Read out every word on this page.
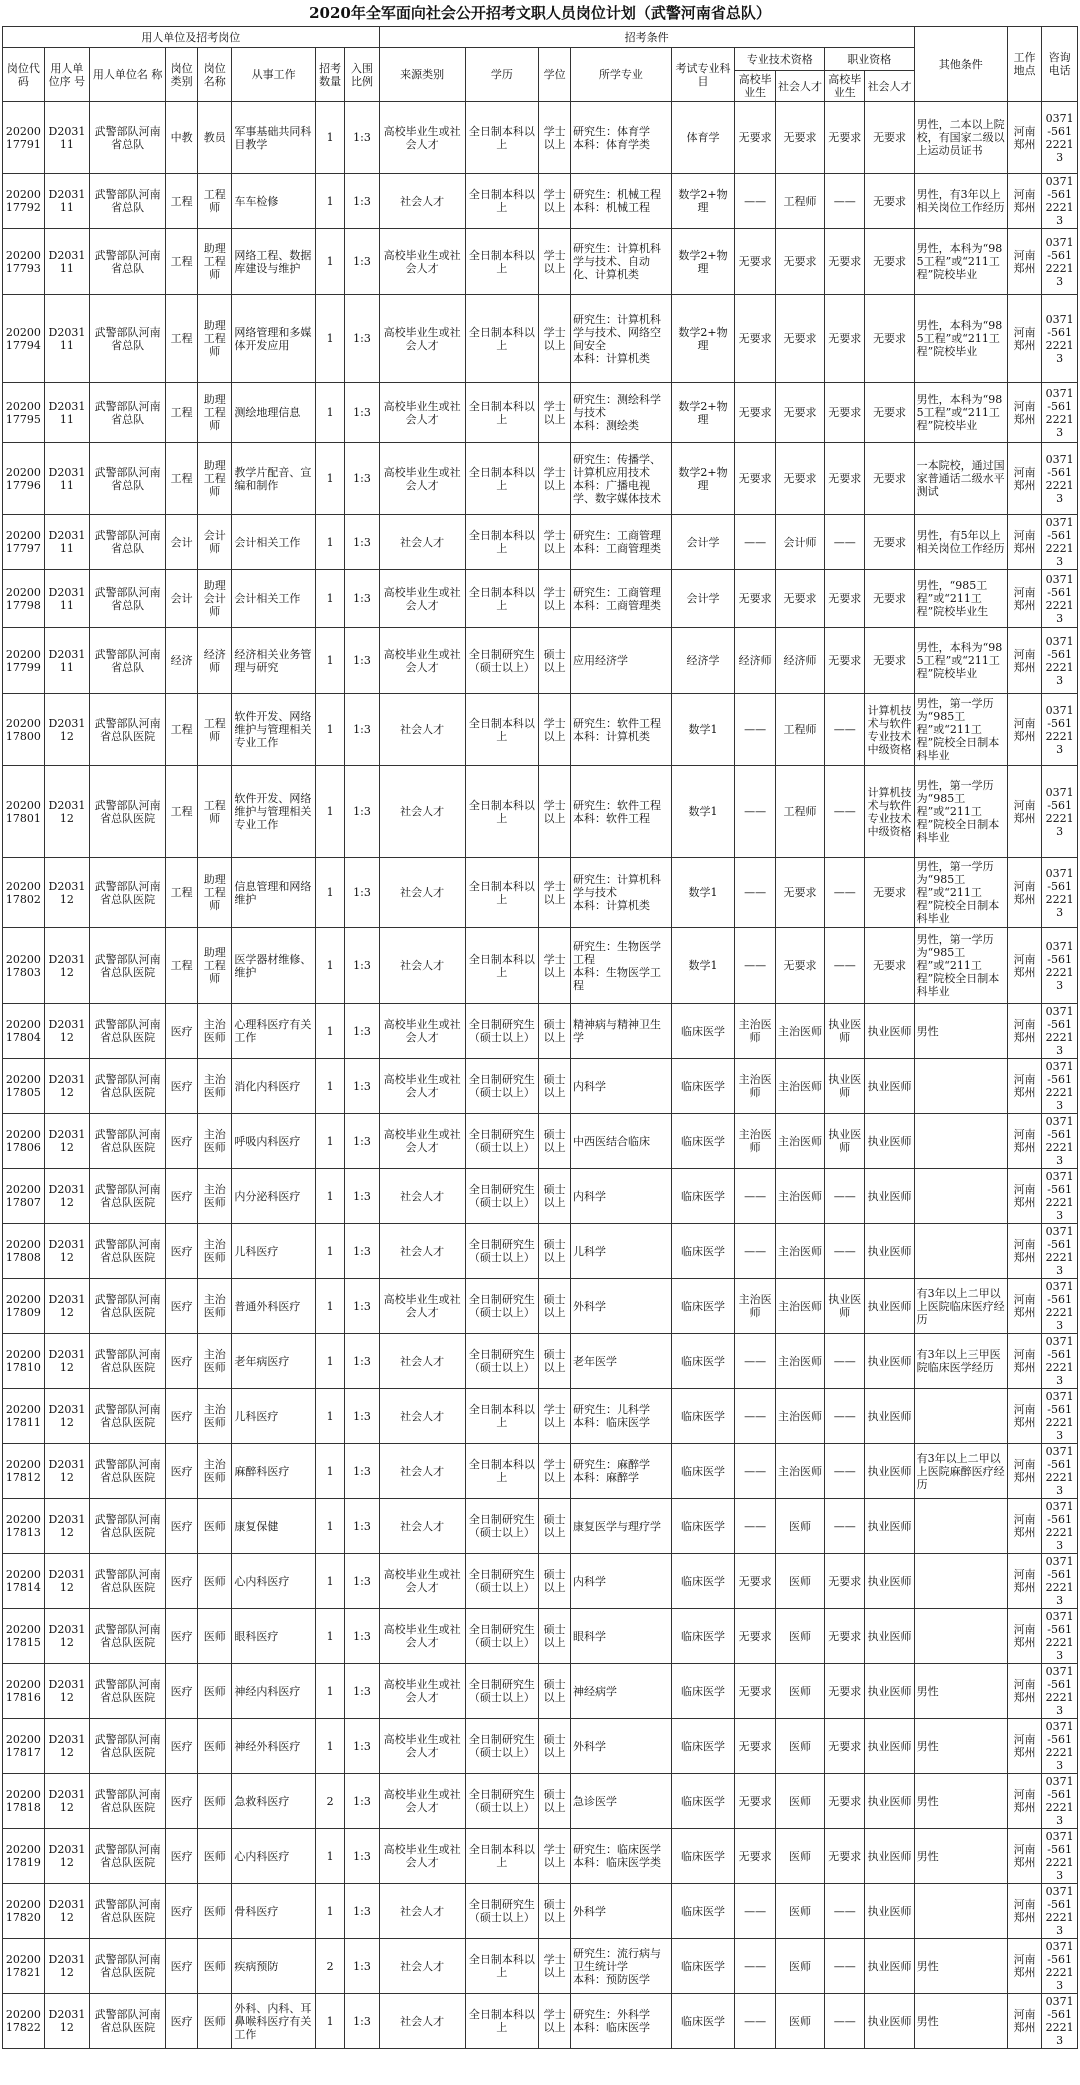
2020年全军面向社会公开招考文职人员岗位计划（武警河南省总队）
用人单位及招考岗位								招考条件									其他条件	工作地点	咨询电话
岗位代码	用人单位序 号	用人单位名 称	岗位类别	岗位名称	从事工作	招考数量	入围比例	来源类别	学历	学位	所学专业	考试专业科目	专业技术资格		职业资格				
													高校毕业生	社会人才	高校毕业生	社会人才			
2020017791	D203111	武警部队河南省总队	中教	教员	军事基础共同科目教学	1	1:3	高校毕业生或社会人才	全日制本科以上	学士以上	研究生：体育学
本科：体育学类	体育学	无要求	无要求	无要求	无要求	男性，二本以上院校，有国家二级以上运动员证书	河南郑州	0371-56122213
2020017792	D203111	武警部队河南省总队	工程	工程师	车车检修	1	1:3	社会人才	全日制本科以上	学士以上	研究生：机械工程
本科：机械工程	数学2+物理	——	工程师	——	无要求	男性，有3年以上相关岗位工作经历	河南郑州	0371-56122213
2020017793	D203111	武警部队河南省总队	工程	助理工程师	网络工程、数据库建设与维护	1	1:3	高校毕业生或社会人才	全日制本科以上	学士以上	研究生：计算机科学与技术、自动化、计算机类	数学2+物理	无要求	无要求	无要求	无要求	男性，本科为“985工程”或“211工程”院校毕业	河南郑州	0371-56122213
2020017794	D203111	武警部队河南省总队	工程	助理工程师	网络管理和多媒体开发应用	1	1:3	高校毕业生或社会人才	全日制本科以上	学士以上	研究生：计算机科学与技术、网络空间安全
本科：计算机类	数学2+物理	无要求	无要求	无要求	无要求	男性，本科为“985工程”或“211工程”院校毕业	河南郑州	0371-56122213
2020017795	D203111	武警部队河南省总队	工程	助理工程师	测绘地理信息	1	1:3	高校毕业生或社会人才	全日制本科以上	学士以上	研究生：测绘科学与技术
本科：测绘类	数学2+物理	无要求	无要求	无要求	无要求	男性，本科为“985工程”或“211工程”院校毕业	河南郑州	0371-56122213
2020017796	D203111	武警部队河南省总队	工程	助理工程师	教学片配音、宣编和制作	1	1:3	高校毕业生或社会人才	全日制本科以上	学士以上	研究生：传播学、计算机应用技术
本科：广播电视学、数字媒体技术	数学2+物理	无要求	无要求	无要求	无要求	一本院校，通过国家普通话二级水平测试	河南郑州	0371-56122213
2020017797	D203111	武警部队河南省总队	会计	会计师	会计相关工作	1	1:3	社会人才	全日制本科以上	学士以上	研究生：工商管理
本科：工商管理类	会计学	——	会计师	——	无要求	男性，有5年以上相关岗位工作经历	河南郑州	0371-56122213
2020017798	D203111	武警部队河南省总队	会计	助理会计师	会计相关工作	1	1:3	高校毕业生或社会人才	全日制本科以上	学士以上	研究生：工商管理
本科：工商管理类	会计学	无要求	无要求	无要求	无要求	男性，“985工程”或“211工程”院校毕业生	河南郑州	0371-56122213
2020017799	D203111	武警部队河南省总队	经济	经济师	经济相关业务管理与研究	1	1:3	高校毕业生或社会人才	全日制研究生（硕士以上）	硕士以上	应用经济学	经济学	经济师	经济师	无要求	无要求	男性，本科为“985工程”或“211工程”院校毕业	河南郑州	0371-56122213
2020017800	D203112	武警部队河南省总队医院	工程	工程师	软件开发、网络维护与管理相关专业工作	1	1:3	社会人才	全日制本科以上	学士以上	研究生：软件工程
本科：计算机类	数学1	——	工程师	——	计算机技术与软件专业技术中级资格	男性，第一学历为“985工程”或“211工程”院校全日制本科毕业	河南郑州	0371-56122213
2020017801	D203112	武警部队河南省总队医院	工程	工程师	软件开发、网络维护与管理相关专业工作	1	1:3	社会人才	全日制本科以上	学士以上	研究生：软件工程
本科：软件工程	数学1	——	工程师	——	计算机技术与软件专业技术中级资格	男性，第一学历为“985工程”或“211工程”院校全日制本科毕业	河南郑州	0371-56122213
2020017802	D203112	武警部队河南省总队医院	工程	助理工程师	信息管理和网络维护	1	1:3	社会人才	全日制本科以上	学士以上	研究生：计算机科学与技术
本科：计算机类	数学1	——	无要求	——	无要求	男性，第一学历为“985工程”或“211工程”院校全日制本科毕业	河南郑州	0371-56122213
2020017803	D203112	武警部队河南省总队医院	工程	助理工程师	医学器材维修、维护	1	1:3	社会人才	全日制本科以上	学士以上	研究生：生物医学工程
本科：生物医学工程	数学1	——	无要求	——	无要求	男性，第一学历为“985工程”或“211工程”院校全日制本科毕业	河南郑州	0371-56122213
2020017804	D203112	武警部队河南省总队医院	医疗	主治医师	心理科医疗有关工作	1	1:3	高校毕业生或社会人才	全日制研究生（硕士以上）	硕士以上	精神病与精神卫生学	临床医学	主治医师	主治医师	执业医师	执业医师	男性	河南郑州	0371-56122213
2020017805	D203112	武警部队河南省总队医院	医疗	主治医师	消化内科医疗	1	1:3	高校毕业生或社会人才	全日制研究生（硕士以上）	硕士以上	内科学	临床医学	主治医师	主治医师	执业医师	执业医师		河南郑州	0371-56122213
2020017806	D203112	武警部队河南省总队医院	医疗	主治医师	呼吸内科医疗	1	1:3	高校毕业生或社会人才	全日制研究生（硕士以上）	硕士以上	中西医结合临床	临床医学	主治医师	主治医师	执业医师	执业医师		河南郑州	0371-56122213
2020017807	D203112	武警部队河南省总队医院	医疗	主治医师	内分泌科医疗	1	1:3	社会人才	全日制研究生（硕士以上）	硕士以上	内科学	临床医学	——	主治医师	——	执业医师		河南郑州	0371-56122213
2020017808	D203112	武警部队河南省总队医院	医疗	主治医师	儿科医疗	1	1:3	社会人才	全日制研究生（硕士以上）	硕士以上	儿科学	临床医学	——	主治医师	——	执业医师		河南郑州	0371-56122213
2020017809	D203112	武警部队河南省总队医院	医疗	主治医师	普通外科医疗	1	1:3	高校毕业生或社会人才	全日制研究生（硕士以上）	硕士以上	外科学	临床医学	主治医师	主治医师	执业医师	执业医师	有3年以上二甲以上医院临床医疗经历	河南郑州	0371-56122213
2020017810	D203112	武警部队河南省总队医院	医疗	主治医师	老年病医疗	1	1:3	社会人才	全日制研究生（硕士以上）	硕士以上	老年医学	临床医学	——	主治医师	——	执业医师	有3年以上三甲医院临床医学经历	河南郑州	0371-56122213
2020017811	D203112	武警部队河南省总队医院	医疗	主治医师	儿科医疗	1	1:3	社会人才	全日制本科以上	学士以上	研究生：儿科学
本科：临床医学	临床医学	——	主治医师	——	执业医师		河南郑州	0371-56122213
2020017812	D203112	武警部队河南省总队医院	医疗	主治医师	麻醉科医疗	1	1:3	社会人才	全日制本科以上	学士以上	研究生：麻醉学
本科：麻醉学	临床医学	——	主治医师	——	执业医师	有3年以上二甲以上医院麻醉医疗经历	河南郑州	0371-56122213
2020017813	D203112	武警部队河南省总队医院	医疗	医师	康复保健	1	1:3	社会人才	全日制研究生（硕士以上）	硕士以上	康复医学与理疗学	临床医学	——	医师	——	执业医师		河南郑州	0371-56122213
2020017814	D203112	武警部队河南省总队医院	医疗	医师	心内科医疗	1	1:3	高校毕业生或社会人才	全日制研究生（硕士以上）	硕士以上	内科学	临床医学	无要求	医师	无要求	执业医师		河南郑州	0371-56122213
2020017815	D203112	武警部队河南省总队医院	医疗	医师	眼科医疗	1	1:3	高校毕业生或社会人才	全日制研究生（硕士以上）	硕士以上	眼科学	临床医学	无要求	医师	无要求	执业医师		河南郑州	0371-56122213
2020017816	D203112	武警部队河南省总队医院	医疗	医师	神经内科医疗	1	1:3	高校毕业生或社会人才	全日制研究生（硕士以上）	硕士以上	神经病学	临床医学	无要求	医师	无要求	执业医师	男性	河南郑州	0371-56122213
2020017817	D203112	武警部队河南省总队医院	医疗	医师	神经外科医疗	1	1:3	高校毕业生或社会人才	全日制研究生（硕士以上）	硕士以上	外科学	临床医学	无要求	医师	无要求	执业医师	男性	河南郑州	0371-56122213
2020017818	D203112	武警部队河南省总队医院	医疗	医师	急救科医疗	2	1:3	高校毕业生或社会人才	全日制研究生（硕士以上）	硕士以上	急诊医学	临床医学	无要求	医师	无要求	执业医师	男性	河南郑州	0371-56122213
2020017819	D203112	武警部队河南省总队医院	医疗	医师	心内科医疗	1	1:3	高校毕业生或社会人才	全日制本科以上	学士以上	研究生：临床医学
本科：临床医学类	临床医学	无要求	医师	无要求	执业医师	男性	河南郑州	0371-56122213
2020017820	D203112	武警部队河南省总队医院	医疗	医师	骨科医疗	1	1:3	社会人才	全日制研究生（硕士以上）	硕士以上	外科学	临床医学	——	医师	——	执业医师		河南郑州	0371-56122213
2020017821	D203112	武警部队河南省总队医院	医疗	医师	疾病预防	2	1:3	社会人才	全日制本科以上	学士以上	研究生：流行病与卫生统计学
本科：预防医学	临床医学	——	医师	——	执业医师	男性	河南郑州	0371-56122213
2020017822	D203112	武警部队河南省总队医院	医疗	医师	外科、内科、耳鼻喉科医疗有关工作	1	1:3	社会人才	全日制本科以上	学士以上	研究生：外科学
本科：临床医学	临床医学	——	医师	——	执业医师	男性	河南郑州	0371-56122213
